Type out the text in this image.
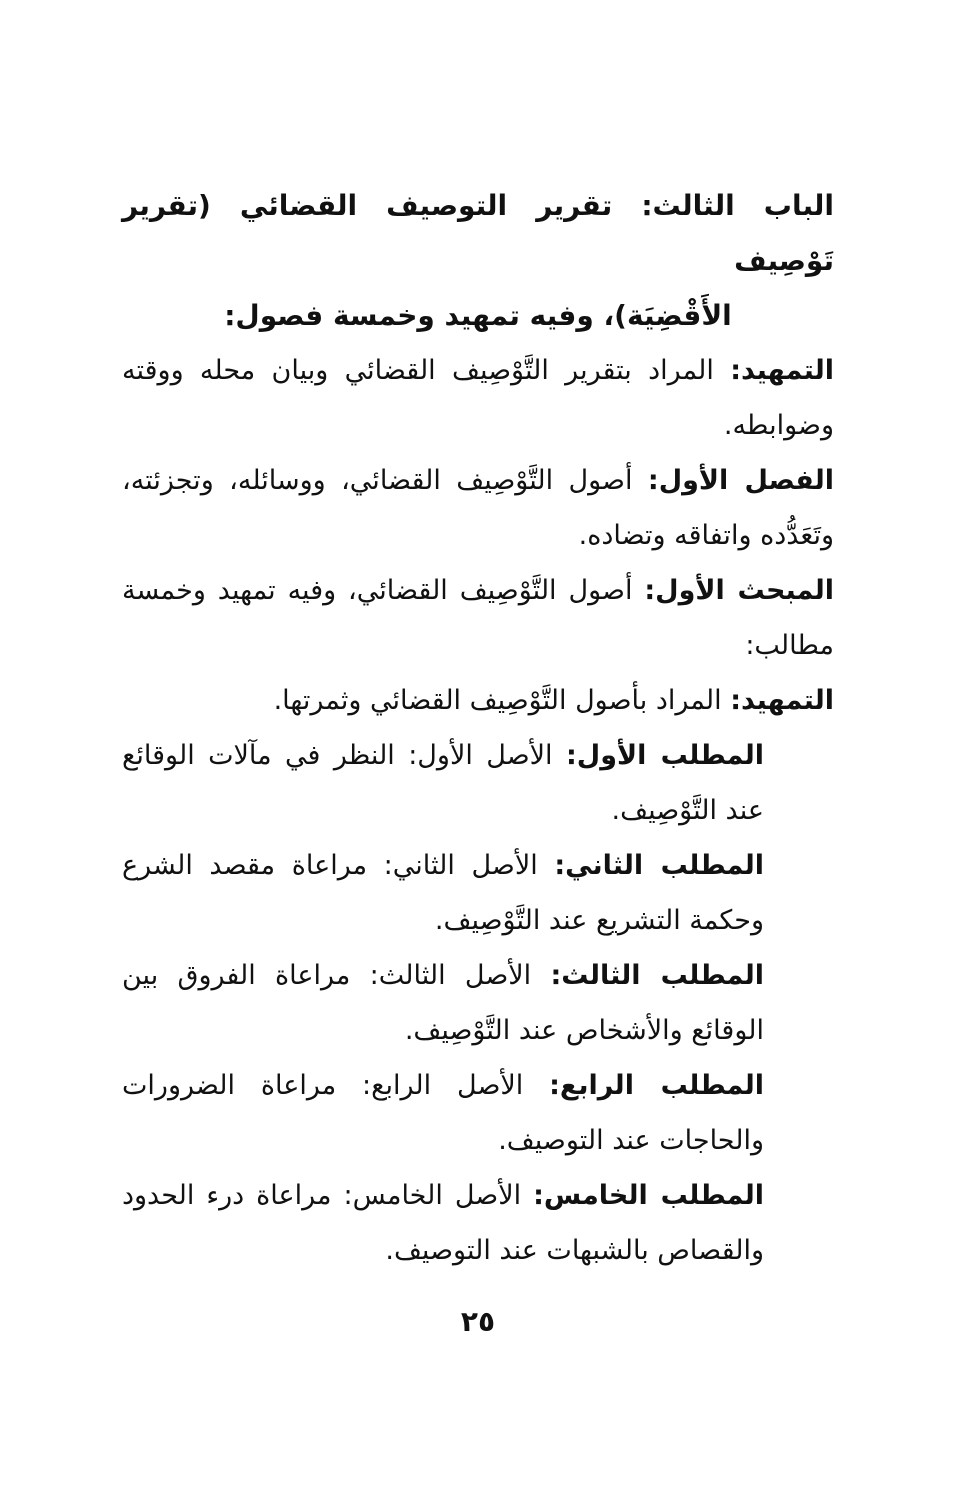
الباب الثالث: تقرير التوصيف القضائي (تقرير تَوْصِيف
الأَقْضِيَة)، وفيه تمهيد وخمسة فصول:
التمهيد: المراد بتقرير التَّوْصِيف القضائي وبيان محله ووقته وضوابطه.
الفصل الأول: أصول التَّوْصِيف القضائي، ووسائله، وتجزئته، وتَعَدُّده واتفاقه وتضاده.
المبحث الأول: أصول التَّوْصِيف القضائي، وفيه تمهيد وخمسة مطالب:
التمهيد: المراد بأصول التَّوْصِيف القضائي وثمرتها.
المطلب الأول: الأصل الأول: النظر في مآلات الوقائع عند التَّوْصِيف.
المطلب الثاني: الأصل الثاني: مراعاة مقصد الشرع وحكمة التشريع عند التَّوْصِيف.
المطلب الثالث: الأصل الثالث: مراعاة الفروق بين الوقائع والأشخاص عند التَّوْصِيف.
المطلب الرابع: الأصل الرابع: مراعاة الضرورات والحاجات عند التوصيف.
المطلب الخامس: الأصل الخامس: مراعاة درء الحدود والقصاص بالشبهات عند التوصيف.
٢٥
